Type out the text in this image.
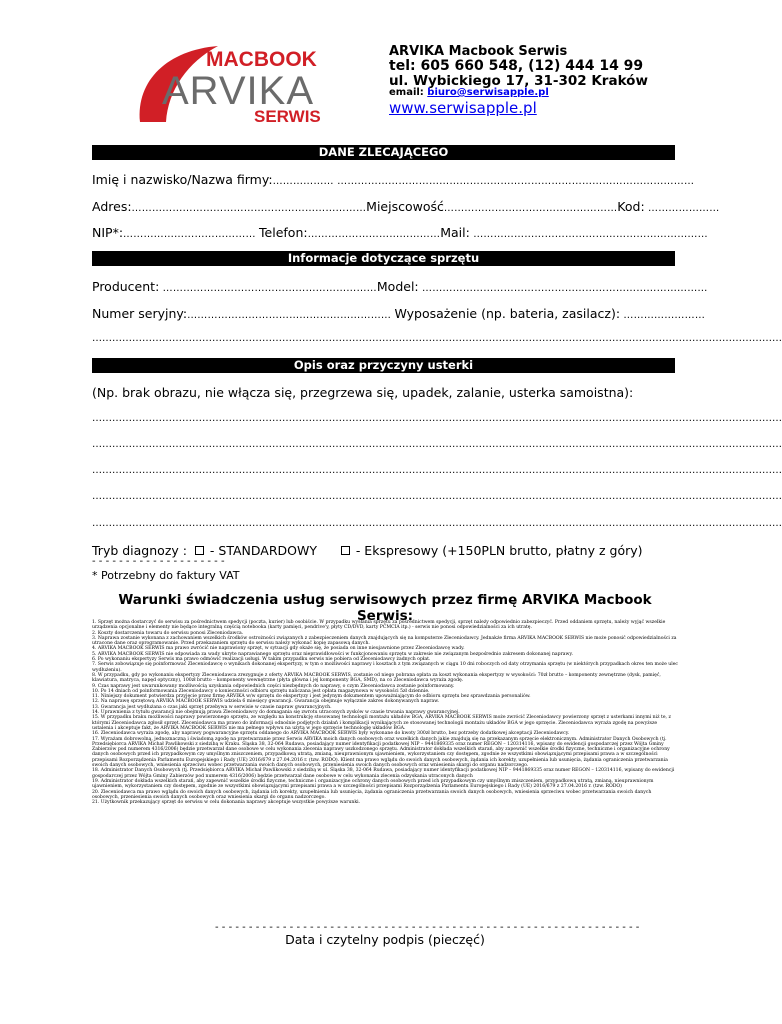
MACBOOK
ARVIKA
SERWIS
ARVIKA Macbook Serwis
tel: 605 660 548, (12) 444 14 99
ul. Wybickiego 17, 31-302 Kraków
email: biuro@serwisapple.pl
www.serwisapple.pl
DANE ZLECAJĄCEGO
Imię i nazwisko/Nazwa firmy:……………… ……………………………………………………………………………………………
Adres:……………………………………………………………Miejscowość……………………………………………Kod: …………………
NIP*:………………………………… Telefon:…………………………………Mail: ……………………………………………………………
Informacje dotyczące sprzętu
Producent: ………………………………………………………Model: …………………………………………………………………………
Numer seryjny:…………………………………………………… Wyposażenie (np. bateria, zasilacz): ……………………
………………………………………………………………………………………………………………………………………………………………………………………
Opis oraz przyczyny usterki
(Np. brak obrazu, nie włącza się, przegrzewa się, upadek, zalanie, usterka samoistna):
………………………………………………………………………………………………………………………………………………………………………………………
………………………………………………………………………………………………………………………………………………………………………………………
………………………………………………………………………………………………………………………………………………………………………………………
………………………………………………………………………………………………………………………………………………………………………………………
………………………………………………………………………………………………………………………………………………………………………………………
Tryb diagnozy : - STANDARDOWY	- Ekspresowy (+150PLN brutto, płatny z góry)
- - - - - - - - - - - - - - - - - - - -
* Potrzebny do faktury VAT
Warunki świadczenia usług serwisowych przez firmę ARVIKA Macbook Serwis:

1. Sprzęt można dostarczyć do serwisu za pośrednictwem spedycji (poczta, kurier) lub osobiście. W przypadku wysłania sprzętu za pośrednictwem spedycji, sprzęt należy odpowiednio zabezpieczyć. Przed oddaniem sprzętu, należy wyjąć wszelkie urządzenia opcjonalne i elementy nie będące integralną częścią notebooka (karty pamięci, pendrive'y, płyty CD/DVD, karty PCMCIA itp.) - serwis nie ponosi odpowiedzialności za ich utratę.

2. Koszty dostarczenia towaru do serwisu ponosi Zleceniodawca.

3. Naprawa zostanie wykonana z zachowaniem wszelkich środków ostrożności związanych z zabezpieczeniem danych znajdujących się na komputerze Zleceniodawcy. Jednakże firma ARVIKA MACBOOK SERWIS nie może ponosić odpowiedzialności za utracone dane oraz oprogramowanie. Przed przekazaniem sprzętu do serwisu należy wykonać kopię zapasową danych.

4. ARVIKA MACBOOK SERWIS ma prawo zwrócić nie naprawiony sprzęt, w sytuacji gdy okaże się, że posiada on inne nieujawnione przez Zleceniodawcę wady.

5. ARVIKA MACBOOK SERWIS nie odpowiada za wady ukryte naprawianego sprzętu oraz nieprawidłowości w funkcjonowaniu sprzętu w zakresie nie związanym bezpośrednio zakresem dokonanej naprawy.

6. Po wykonaniu ekspertyzy Serwis ma prawo odmówić realizacji usługi. W takim przypadku serwis nie pobiera od Zleceniodawcy żadnych opłat.

7. Serwis zobowiązuje się poinformować Zleceniodawcę o wynikach dokonanej ekspertyzy, w tym o możliwości naprawy i kosztach z tym związanych w ciągu 10 dni roboczych od daty otrzymania sprzętu (w niektórych przypadkach okres ten może ulec wydłużeniu).

8. W przypadku, gdy po wykonaniu ekspertyzy Zleceniodawca zrezygnuje z oferty ARVIKA MACBOOK SERWIS, zostanie od niego pobrana opłata za koszt wykonania ekspertyzy w wysokości: 70zł brutto – komponenty zewnętrzne (dysk, pamięć, klawiatura, matryca, napęd optyczny), 100zł brutto – komponenty wewnętrzne (płyta główna i jej komponenty BGA, SMD), na co Zleceniodawca wyraża zgodę.

9. Czas naprawy jest uwarunkowany możliwością uzyskania odpowiednich części niezbędnych do naprawy, o czym Zleceniodawca zostanie poinformowany.

10. Po 14 dniach od poinformowania Zleceniodawcy o konieczności odbioru sprzętu naliczana jest opłata magazynowa w wysokości 5zł dziennie.

11. Niniejszy dokument potwierdza przyjęcie przez firmę ARVIKA w/w sprzętu do ekspertyzy i jest jedynym dokumentem upoważniającym do odbioru sprzętu bez sprawdzania personaliów.

12. Na naprawę sprzętową ARVIKA MACBOOK SERWIS udziela 6 miesięcy gwarancji. Gwarancja obejmuje wyłącznie zakres dokonywanych napraw.

13. Gwarancja jest wydłużana o czas jaki sprzęt przebywa w serwisie w czasie napraw gwarancyjnych.

14. Uprawnienia z tytułu gwarancji nie obejmują prawa Zleceniodawcy do domagania się zwrotu utraconych zysków w czasie trwania naprawy gwarancyjnej.

15. W przypadku braku możliwości naprawy powierzonego sprzętu, ze względu na konstrukcję stosowanej technologii montażu układów BGA, ARVIKA MACBOOK SERWIS może zwrócić Zleceniodawcy powierzony sprzęt z usterkami innymi niż te, z którymi Zleceniodawca zgłosił sprzęt. Zleceniodawca ma prawo do informacji odnośnie podjętych działań i komplikacji wynikających ze stosowanej technologii montażu układów BGA w jego sprzęcie. Zleceniodawca wyraża zgodę na powyższe ustalenia i akceptuje fakt, że ARVIKA MACBOOK SERWIS nie ma pełnego wpływu na użytą w jego sprzęcie technologię układów BGA.

16. Zleceniodawca wyraża zgodę, aby naprawy pogwarancyjne sprzętu oddanego do ARVIKA MACBOOK SERWIS były wykonane do kwoty 300zł brutto, bez potrzeby dodatkowej akceptacji Zleceniodawcy.

17. Wyrażam dobrowolną, jednoznaczną i świadomą zgodę na przetwarzanie przez Serwis ARVIKA moich danych osobowych oraz wszelkich danych jakie znajdują się na przekazanym sprzęcie elektronicznym. Administrator Danych Osobowych (tj. Przedsiębiorca ARVIKA Michał Pawlikowski z siedzibą w Kraku. Śląska 38, 32-064 Rudawa, posiadający numer identyfikacji podatkowej NIP – 9441869335 oraz numer REGON – 120314116, wpisany do ewidencji gospodarczej przez Wójta Gminy Zabierzów pod numerem 4316/2006) będzie przetwarzał dane osobowe w celu wykonania zlecenia naprawy uszkodzonego sprzętu. Administrator dokłada wszelkich starań, aby zapewnić wszelkie środki fizyczne, techniczne i organizacyjne ochrony danych osobowych przed ich przypadkowym czy umyślnym zniszczeniem, przypadkową utratą, zmianą, nieuprawnionym ujawnieniem, wykorzystaniem czy dostępem, zgodnie ze wszystkimi obowiązującymi przepisami prawa a w szczególności przepisami Rozporządzenia Parlamentu Europejskiego i Rady (UE) 2016/679 z 27.04.2016 r. (tzw. RODO). Klient ma prawo wglądu do swoich danych osobowych, żądania ich korekty, uzupełnienia lub usunięcia, żądania ograniczenia przetwarzania swoich danych osobowych, wniesienia sprzeciwu wobec przetwarzania swoich danych osobowych, przeniesienia swoich danych osobowych oraz wniesienia skargi do organu nadzorczego.

18. Administrator Danych Osobowych (tj. Przedsiębiorca ARVIKA Michał Pawlikowski z siedzibą w ul. Śląska 38, 32-064 Rudawa, posiadający numer identyfikacji podatkowej NIP – 9441869335 oraz numer REGON – 120314116, wpisany do ewidencji gospodarczej przez Wójta Gminy Zabierzów pod numerem 4316/2006) będzie przetwarzał dane osobowe w celu wykonania zlecenia odzyskania utraconych danych

19. Administrator dokłada wszelkich starań, aby zapewnić wszelkie środki fizyczne, techniczne i organizacyjne ochrony danych osobowych przed ich przypadkowym czy umyślnym zniszczeniem, przypadkową utratą, zmianą, nieuprawnionym ujawnieniem, wykorzystaniem czy dostępem, zgodnie ze wszystkimi obowiązującymi przepisami prawa a w szczególności przepisami Rozporządzenia Parlamentu Europejskiego i Rady (UE) 2016/679 z 27.04.2016 r. (tzw. RODO)

20. Zleceniodawca ma prawo wglądu do swoich danych osobowych, żądania ich korekty, uzupełnienia lub usunięcia, żądania ograniczenia przetwarzania swoich danych osobowych, wniesienia sprzeciwu wobec przetwarzania swoich danych osobowych, przeniesienia swoich danych osobowych oraz wniesienia skargi do organu nadzorczego.

21. Użytkownik przekazujący sprzęt do serwisu w celu dokonania naprawy akceptuje wszystkie powyższe warunki.

- - - - - - - - - - - - - - - - - - - - - - - - - - - - - - - - - - - - - - - - - - - - - - - - - - - - - - - - - - - - - - -
Data i czytelny podpis (pieczęć)
